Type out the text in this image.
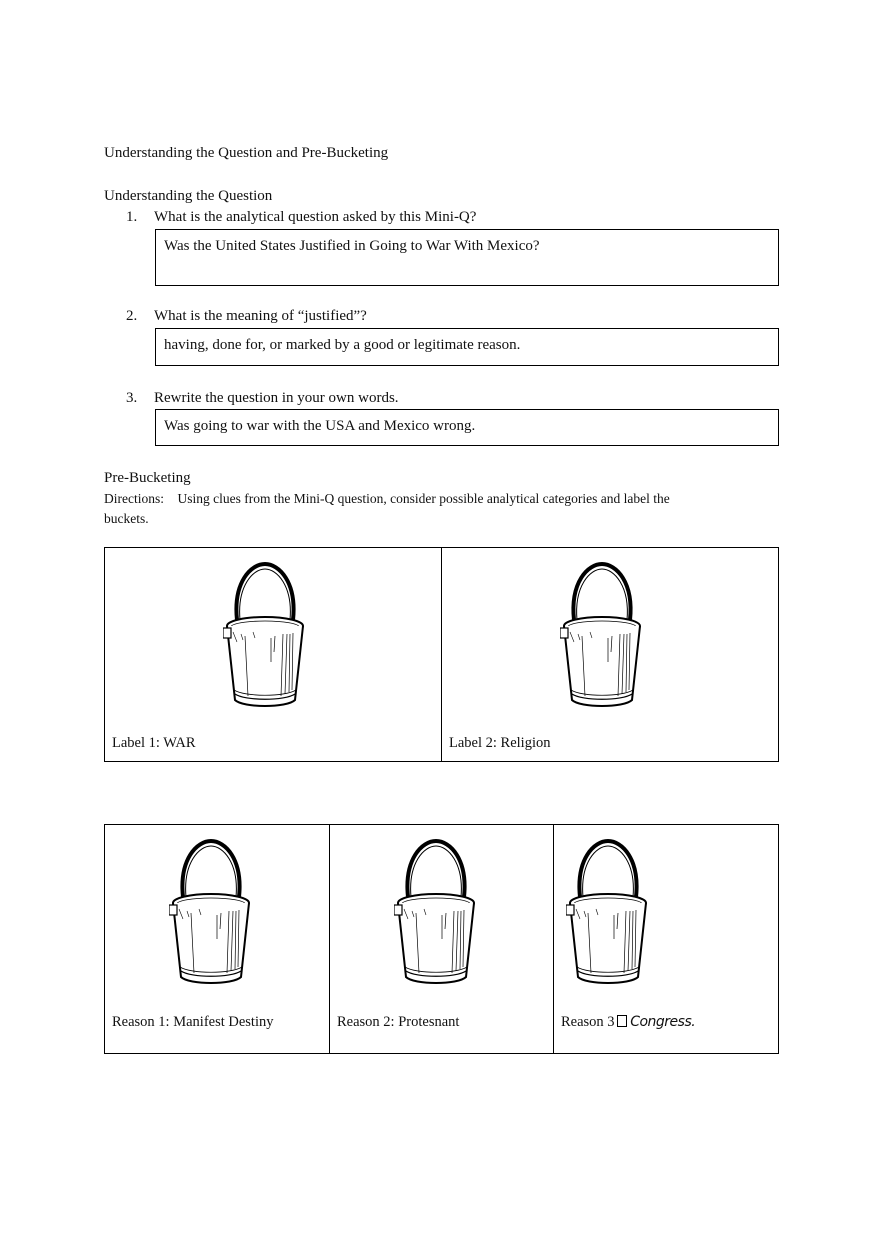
Understanding the Question and Pre-Bucketing
Understanding the Question
1. What is the analytical question asked by this Mini-Q?
Was the United States Justified in Going to War With Mexico?
2. What is the meaning of “justified”?
having, done for, or marked by a good or legitimate reason.
3. Rewrite the question in your own words.
Was going to war with the USA and Mexico wrong.
Pre-Bucketing
Directions: Using clues from the Mini-Q question, consider possible analytical categories and label the
buckets.
Label 1: WAR	Label 2: Religion
Reason 1: Manifest Destiny	Reason 2: Protesnant	Reason 3 Congress.
